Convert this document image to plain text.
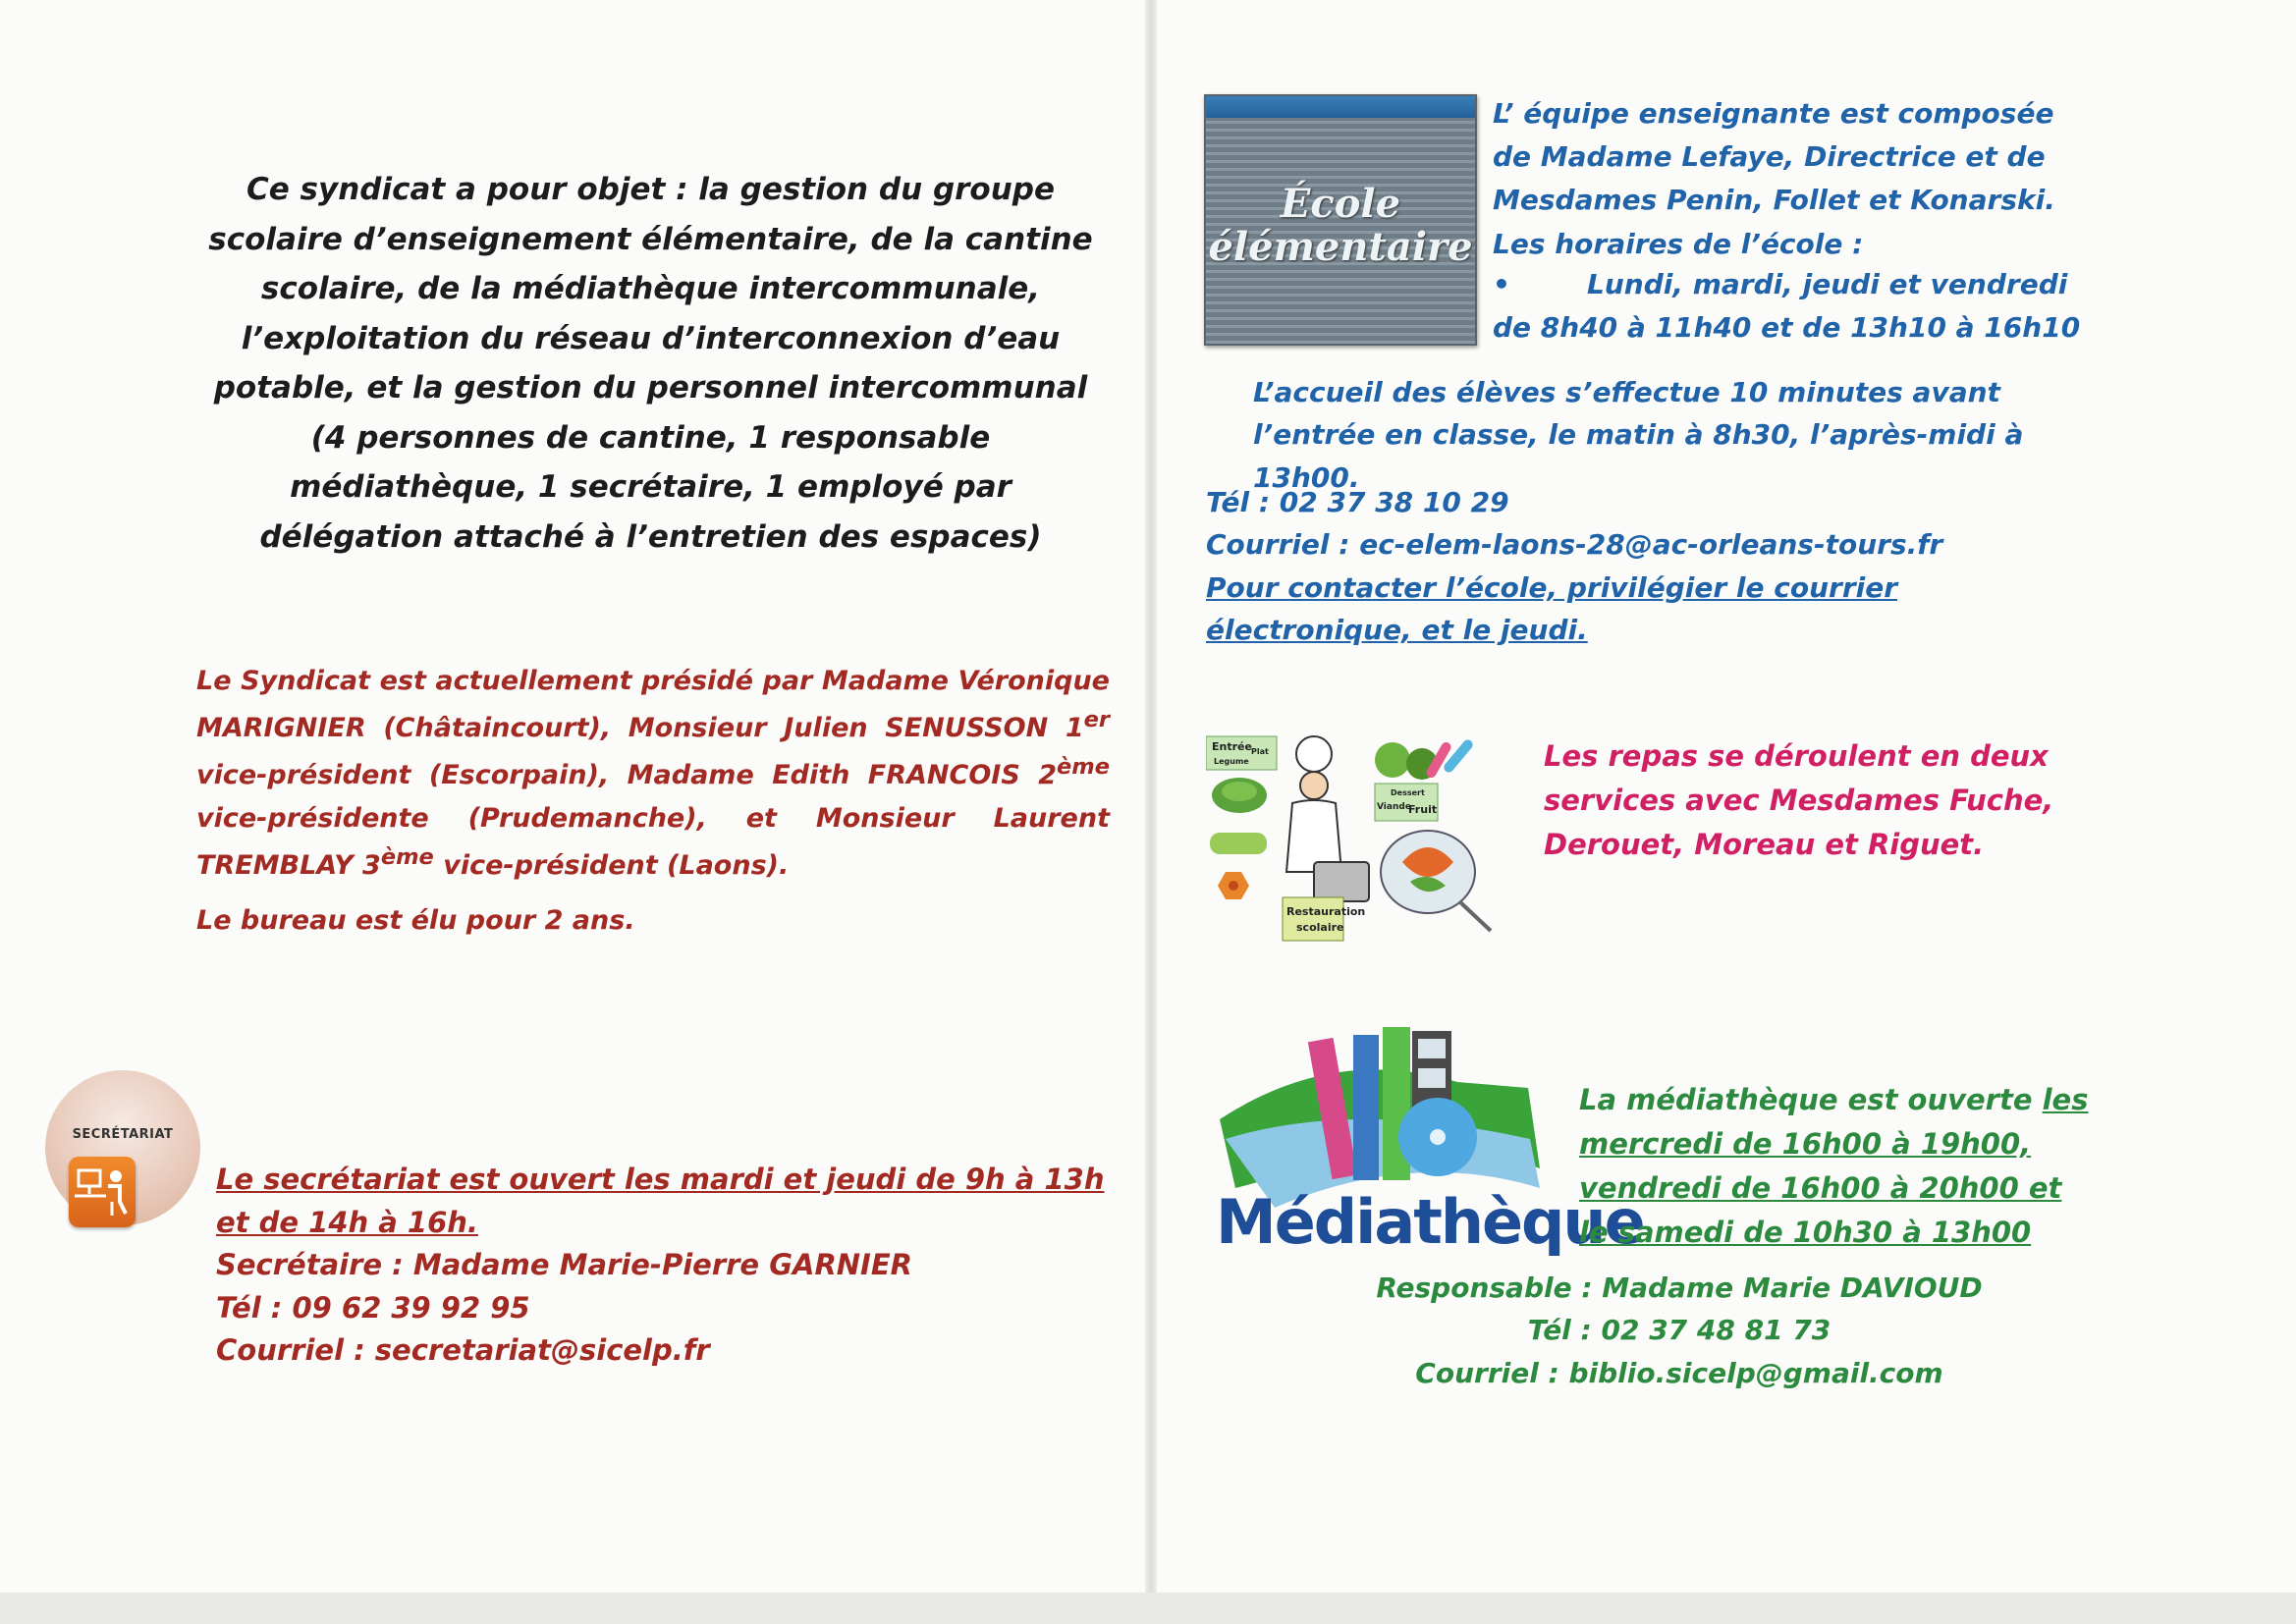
Ce syndicat a pour objet : la gestion du groupe scolaire d’enseignement élémentaire, de la cantine scolaire, de la médiathèque intercommunale, l’exploitation du réseau d’interconnexion d’eau potable, et la gestion du personnel intercommunal (4 personnes de cantine, 1 responsable médiathèque, 1 secrétaire, 1 employé par délégation attaché à l’entretien des espaces)
Le Syndicat est actuellement présidé par Madame Véronique MARIGNIER (Châtaincourt), Monsieur Julien SENUSSON 1er vice-président (Escorpain), Madame Edith FRANCOIS 2ème vice-présidente (Prudemanche), et Monsieur Laurent TREMBLAY 3ème vice-président (Laons).
Le bureau est élu pour 2 ans.
SECRÉTARIAT
Le secrétariat est ouvert les mardi et jeudi de 9h à 13h et de 14h à 16h.
Secrétaire : Madame Marie-Pierre GARNIER
Tél : 09 62 39 92 95
Courriel : secretariat@sicelp.fr
École
élémentaire
L’ équipe enseignante est composée de Madame Lefaye, Directrice et de Mesdames Penin, Follet et Konarski.
Les horaires de l’école :
•	Lundi, mardi, jeudi et vendredi de 8h40 à 11h40 et de 13h10 à 16h10
L’accueil des élèves s’effectue 10 minutes avant l’entrée en classe, le matin à 8h30, l’après-midi à 13h00.
Tél : 02 37 38 10 29
Courriel : ec-elem-laons-28@ac-orleans-tours.fr
Pour contacter l’école, privilégier le courrier électronique, et le jeudi.
Entrée Plat
Legume
Restauration
scolaire
Dessert
Viande
Fruit
Les repas se déroulent en deux services avec Mesdames Fuche, Derouet, Moreau et Riguet.
Médiathèque
La médiathèque est ouverte les mercredi de 16h00 à 19h00, vendredi de 16h00 à 20h00 et le samedi de 10h30 à 13h00
Responsable : Madame Marie DAVIOUD
Tél : 02 37 48 81 73
Courriel : biblio.sicelp@gmail.com
